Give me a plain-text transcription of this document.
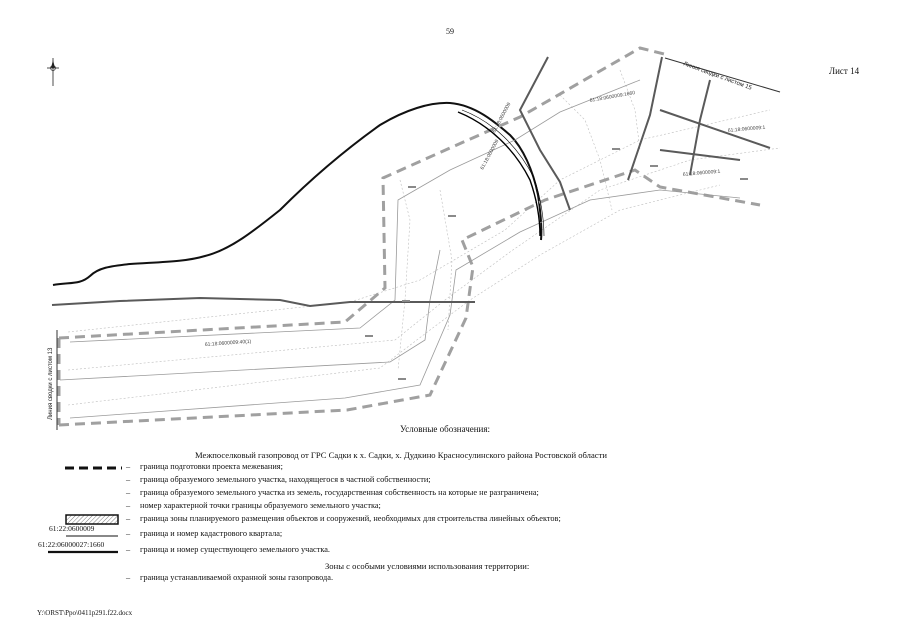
59
Лист 14
Линия сводки с листом 13
Линия сводки с листом 15
61:18:0600009:40(1)
61:18:0600009
61:18:0600009
61:18:0600009:1660
61:18:0600009:1
61:18:0600009:1
Условные обозначения:
Межпоселковый газопровод от ГРС Садки к х. Садки, х. Дудкино Красносулинского района Ростовской области
– граница подготовки проекта межевания;
– граница образуемого земельного участка, находящегося в частной собственности;
– граница образуемого земельного участка из земель, государственная собственность на которые не разграничена;
– номер характерной точки границы образуемого земельного участка;
– граница зоны планируемого размещения объектов и сооружений, необходимых для строительства линейных объектов;
61:22:0600009
– граница и номер кадастрового квартала;
61:22:06000027:1660
– граница и номер существующего земельного участка.
Зоны с особыми условиями использования территории:
– граница устанавливаемой охранной зоны газопровода.
Y:\ORST\Ppo\0411p291.f22.docx
